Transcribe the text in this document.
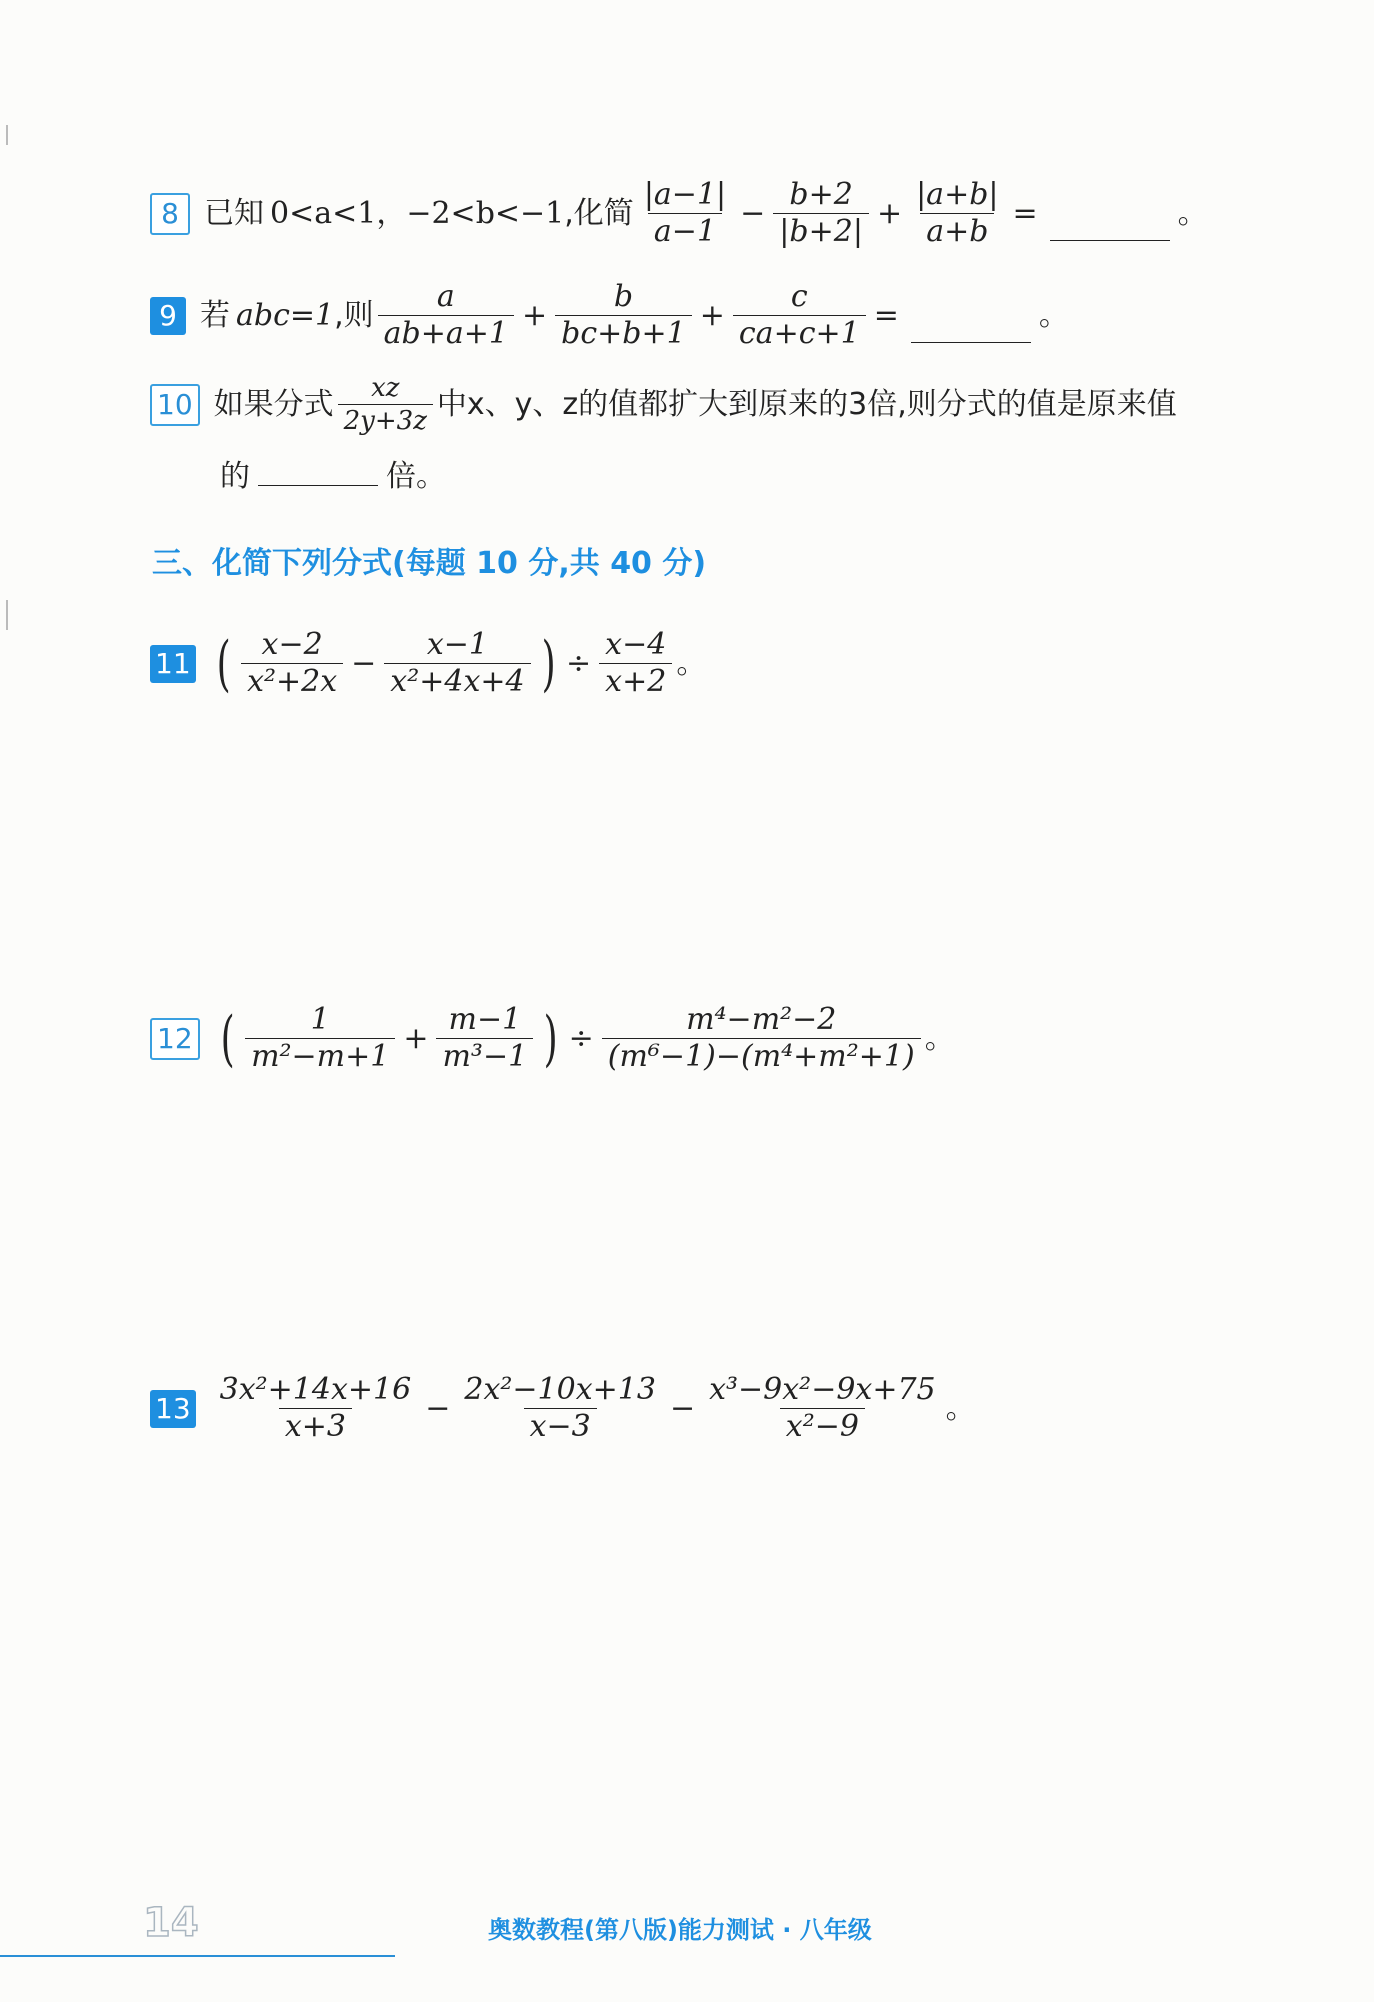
8 已知 0<a<1，−2<b<−1 ,化简 $\frac{|a-1|}{a-1} - \frac{b+2}{|b+2|} + \frac{|a+b|}{a+b}$ =	。
9 若 abc=1 ,则 $\frac{a}{ab+a+1} + \frac{b}{bc+b+1} + \frac{c}{ca+c+1}$ =	。
10 如果分式 $\frac{xz}{2y+3z}$ 中x、y、z的值都扩大到原来的3倍,则分式的值是原来值
的	倍。
三、化简下列分式(每题 10 分,共 40 分)
11 ( $\frac{x-2}{\text{x²+2x}} - \frac{x-1}{\text{x²+4x+4}}$ ) ÷ $\frac{x-4}{x+2}$ 。
12 ( $\frac{1}{\text{m²−m+1}} + \frac{m-1}{\text{m³−1}}$ ) ÷ $\frac{\text{m⁴−m²−2}}{\text{(m⁶−1)−(m⁴+m²+1)}}$ 。
$13 \frac{\text{3x²+14x+16}}{x+3} - \frac{\text{2x²−10x+13}}{x-3} - \frac{\text{x³−9x²−9x+75}}{\text{x²−9}}$ 。
14	奥数教程(第八版)能力测试 · 八年级
